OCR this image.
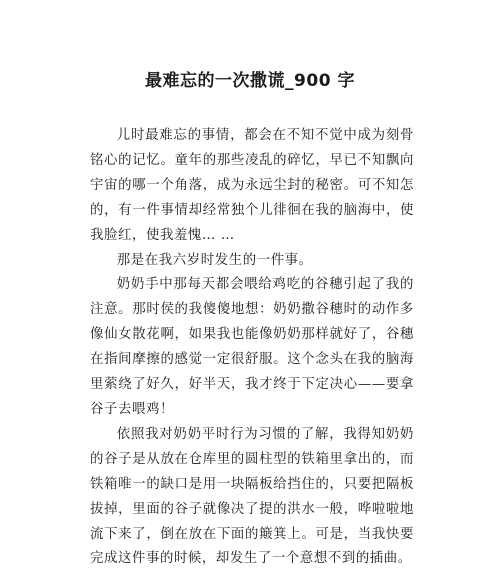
最难忘的一次撒谎_900 字

儿时最难忘的事情，都会在不知不觉中成为刻骨铭心的记忆。童年的那些凌乱的碎忆，早已不知飘向宇宙的哪一个角落，成为永远尘封的秘密。可不知怎的，有一件事情却经常独个儿徘徊在我的脑海中，使我脸红，使我羞愧… …

那是在我六岁时发生的一件事。

奶奶手中那每天都会喂给鸡吃的谷穗引起了我的注意。那时侯的我傻傻地想：奶奶撒谷穗时的动作多像仙女散花啊，如果我也能像奶奶那样就好了，谷穗在指间摩擦的感觉一定很舒服。这个念头在我的脑海里萦绕了好久，好半天，我才终于下定决心——要拿谷子去喂鸡！

依照我对奶奶平时行为习惯的了解，我得知奶奶的谷子是从放在仓库里的圆柱型的铁箱里拿出的，而铁箱唯一的缺口是用一块隔板给挡住的，只要把隔板拔掉，里面的谷子就像决了提的洪水一般，哗啦啦地流下来了，倒在放在下面的簸箕上。可是，当我快要完成这件事的时候，却发生了一个意想不到的插曲。
